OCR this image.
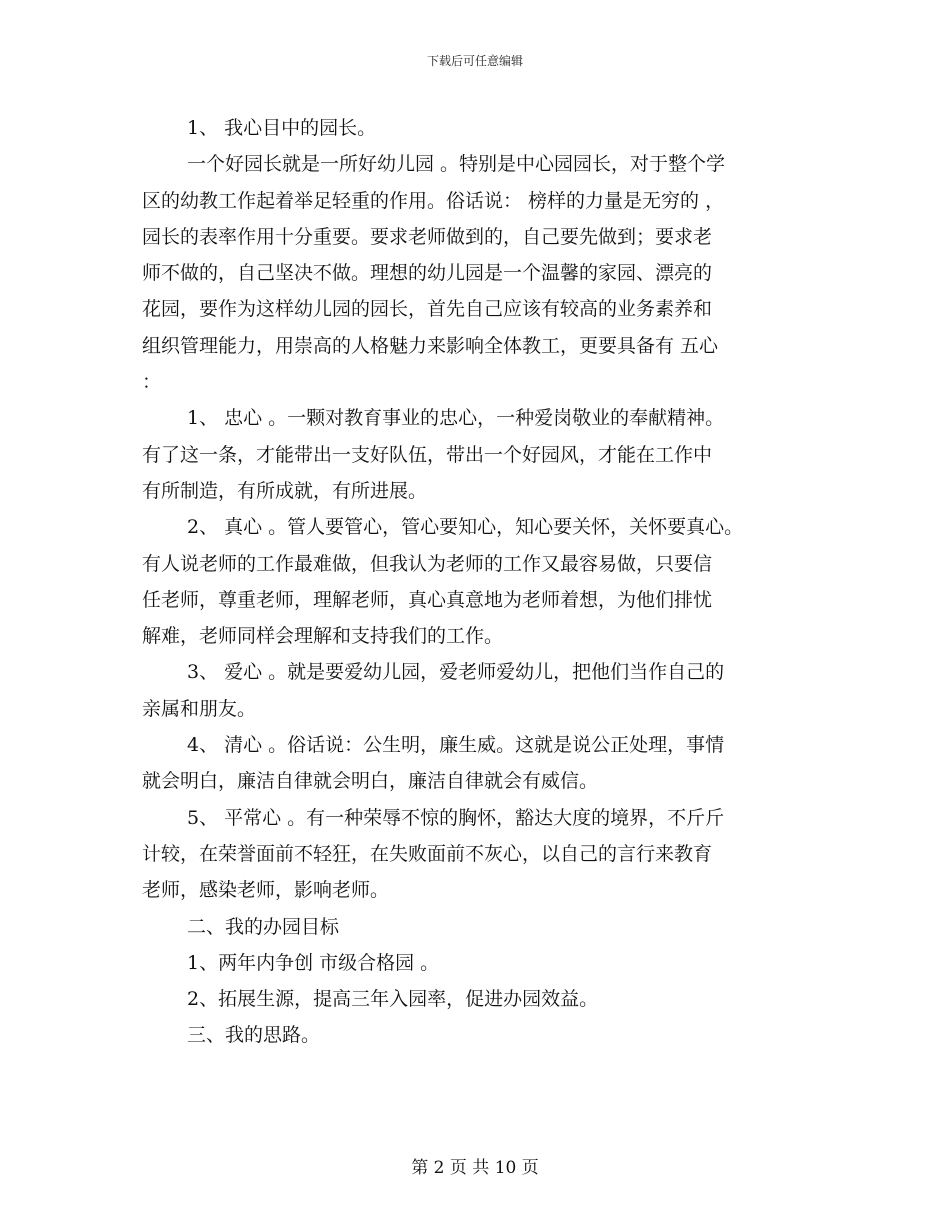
下载后可任意编辑
1、 我心目中的园长。
一个好园长就是一所好幼儿园 。特别是中心园园长，对于整个学
区的幼教工作起着举足轻重的作用。俗话说： 榜样的力量是无穷的 ，
园长的表率作用十分重要。要求老师做到的，自己要先做到；要求老
师不做的，自己坚决不做。理想的幼儿园是一个温馨的家园、漂亮的
花园，要作为这样幼儿园的园长，首先自己应该有较高的业务素养和
组织管理能力，用崇高的人格魅力来影响全体教工，更要具备有 五心
：
1、 忠心 。一颗对教育事业的忠心，一种爱岗敬业的奉献精神。
有了这一条，才能带出一支好队伍，带出一个好园风，才能在工作中
有所制造，有所成就，有所进展。
2、 真心 。管人要管心，管心要知心，知心要关怀，关怀要真心。
有人说老师的工作最难做，但我认为老师的工作又最容易做，只要信
任老师，尊重老师，理解老师，真心真意地为老师着想，为他们排忧
解难，老师同样会理解和支持我们的工作。
3、 爱心 。就是要爱幼儿园，爱老师爱幼儿，把他们当作自己的
亲属和朋友。
4、 清心 。俗话说：公生明，廉生威。这就是说公正处理，事情
就会明白，廉洁自律就会明白，廉洁自律就会有威信。
5、 平常心 。有一种荣辱不惊的胸怀，豁达大度的境界，不斤斤
计较，在荣誉面前不轻狂，在失败面前不灰心，以自己的言行来教育
老师，感染老师，影响老师。
二、我的办园目标
1、两年内争创 市级合格园 。
2、拓展生源，提高三年入园率，促进办园效益。
三、我的思路。
第 2 页 共 10 页
